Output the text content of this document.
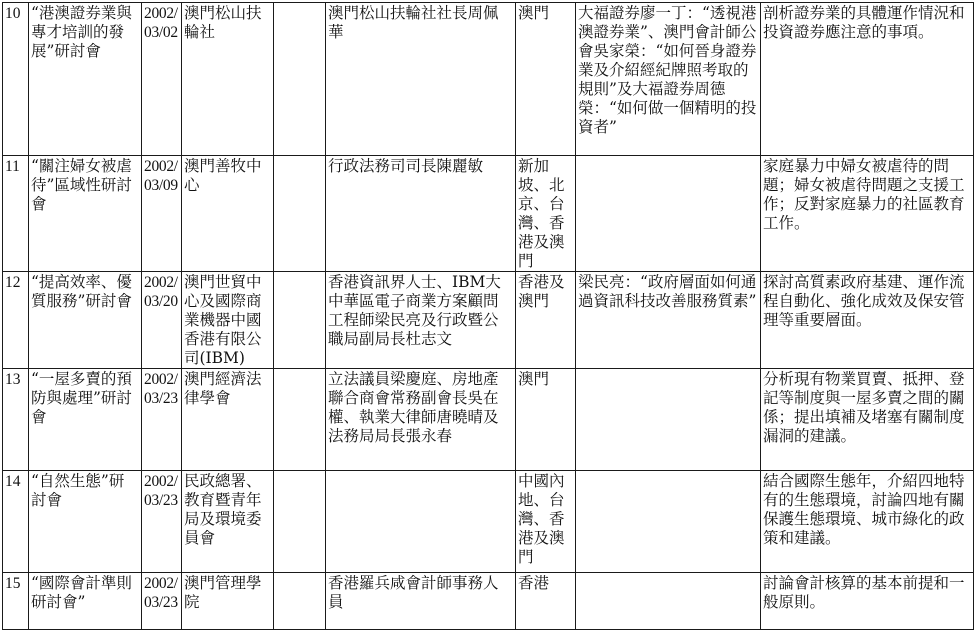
10	“港澳證券業與專才培訓的發展”研討會	2002/03/02	澳門松山扶輪社		澳門松山扶輪社社長周佩華	澳門	大福證券廖一丁：“透視港澳證券業”、澳門會計師公會吳家榮：“如何晉身證券業及介紹經紀牌照考取的規則”及大福證券周德榮：“如何做一個精明的投資者”	剖析證券業的具體運作情況和投資證券應注意的事項。
11	“關注婦女被虐待”區域性研討會	2002/03/09	澳門善牧中心		行政法務司司長陳麗敏	新加坡、北京、台灣、香港及澳門		家庭暴力中婦女被虐待的問題；婦女被虐待問題之支援工作；反對家庭暴力的社區教育工作。
12	“提高效率、優質服務”研討會	2002/03/20	澳門世貿中心及國際商業機器中國香港有限公司(IBM)		香港資訊界人士、IBM大中華區電子商業方案顧問工程師梁民亮及行政暨公職局副局長杜志文	香港及澳門	梁民亮：“政府層面如何通過資訊科技改善服務質素”	探討高質素政府基建、運作流程自動化、強化成效及保安管理等重要層面。
13	“一屋多賣的預防與處理”研討會	2002/03/23	澳門經濟法律學會		立法議員梁慶庭、房地產聯合商會常務副會長吳在權、執業大律師唐曉晴及法務局局長張永春	澳門		分析現有物業買賣、抵押、登記等制度與一屋多賣之間的關係；提出填補及堵塞有關制度漏洞的建議。
14	“自然生態”研討會	2002/03/23	民政總署、教育暨青年局及環境委員會			中國內地、台灣、香港及澳門		結合國際生態年，介紹四地特有的生態環境，討論四地有關保護生態環境、城市綠化的政策和建議。
15	“國際會計準則研討會”	2002/03/23	澳門管理學院		香港羅兵咸會計師事務人員	香港		討論會計核算的基本前提和一般原則。
